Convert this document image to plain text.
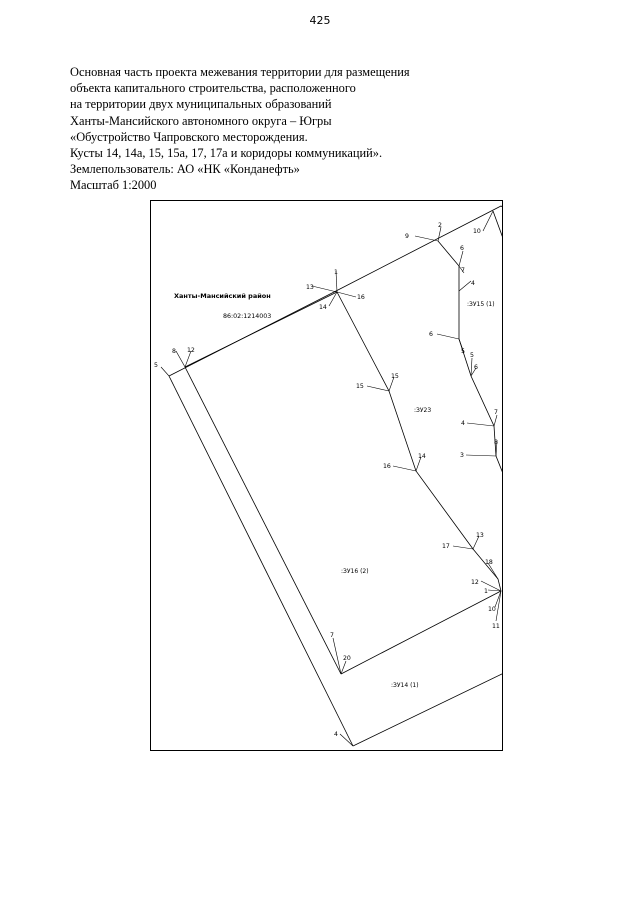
425
Основная часть проекта межевания территории для размещения
объекта капитального строительства, расположенного
на территории двух муниципальных образований
Ханты-Мансийского автономного округа – Югры
«Обустройство Чапровского месторождения.
Кусты 14, 14а, 15, 15а, 17, 17а и коридоры коммуникаций».
Землепользователь: АО «НК «Конданефть»
Масштаб 1:2000
2
9
10
6
7
4
5
6
5
6
7
4
8
3
13
1
16
14
8 12
5
15
15
16
14
13
17
18
12
1
10
11
7
20
4
Ханты-Мансийский район
86:02:1214003
:ЗУ15 (1)
:ЗУ23
:ЗУ16 (2)
:ЗУ14 (1)
